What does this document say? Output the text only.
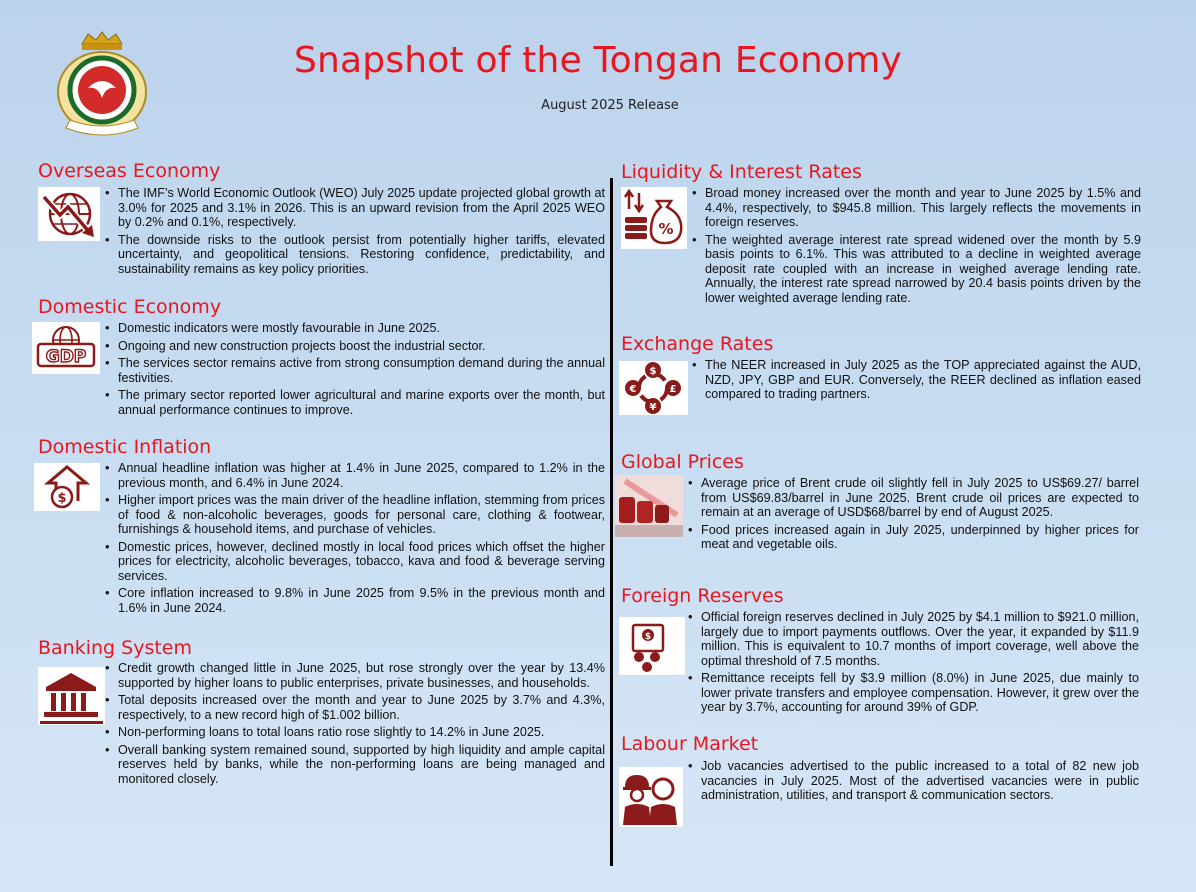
Snapshot of the Tongan Economy
August 2025 Release
Overseas Economy
• The IMF’s World Economic Outlook (WEO) July 2025 update projected global growth at 3.0% for 2025 and 3.1% in 2026. This is an upward revision from the April 2025 WEO by 0.2% and 0.1%, respectively.
• The downside risks to the outlook persist from potentially higher tariffs, elevated uncertainty, and geopolitical tensions. Restoring confidence, predictability, and sustainability remains as key policy priorities.
Domestic Economy
GDP
• Domestic indicators were mostly favourable in June 2025.
• Ongoing and new construction projects boost the industrial sector.
• The services sector remains active from strong consumption demand during the annual festivities.
• The primary sector reported lower agricultural and marine exports over the month, but annual performance continues to improve.
Domestic Inflation
$
• Annual headline inflation was higher at 1.4% in June 2025, compared to 1.2% in the previous month, and 6.4% in June 2024.
• Higher import prices was the main driver of the headline inflation, stemming from prices of food & non-alcoholic beverages, goods for personal care, clothing & footwear, furnishings & household items, and purchase of vehicles.
• Domestic prices, however, declined mostly in local food prices which offset the higher prices for electricity, alcoholic beverages, tobacco, kava and food & beverage serving services.
• Core inflation increased to 9.8% in June 2025 from 9.5% in the previous month and 1.6% in June 2024.
Banking System
• Credit growth changed little in June 2025, but rose strongly over the year by 13.4% supported by higher loans to public enterprises, private businesses, and households.
• Total deposits increased over the month and year to June 2025 by 3.7% and 4.3%, respectively, to a new record high of $1.002 billion.
• Non-performing loans to total loans ratio rose slightly to 14.2% in June 2025.
• Overall banking system remained sound, supported by high liquidity and ample capital reserves held by banks, while the non-performing loans are being managed and monitored closely.
Liquidity & Interest Rates
%
• Broad money increased over the month and year to June 2025 by 1.5% and 4.4%, respectively, to $945.8 million. This largely reflects the movements in foreign reserves.
• The weighted average interest rate spread widened over the month by 5.9 basis points to 6.1%. This was attributed to a decline in weighted average deposit rate coupled with an increase in weighed average lending rate. Annually, the interest rate spread narrowed by 20.4 basis points driven by the lower weighted average lending rate.
Exchange Rates
$
€	£
¥
• The NEER increased in July 2025 as the TOP appreciated against the AUD, NZD, JPY, GBP and EUR. Conversely, the REER declined as inflation eased compared to trading partners.
Global Prices
• Average price of Brent crude oil slightly fell in July 2025 to US$69.27/ barrel from US$69.83/barrel in June 2025. Brent crude oil prices are expected to remain at an average of USD$68/barrel by end of August 2025.
• Food prices increased again in July 2025, underpinned by higher prices for meat and vegetable oils.
Foreign Reserves
$
• Official foreign reserves declined in July 2025 by $4.1 million to $921.0 million, largely due to import payments outflows. Over the year, it expanded by $11.9 million. This is equivalent to 10.7 months of import coverage, well above the optimal threshold of 7.5 months.
• Remittance receipts fell by $3.9 million (8.0%) in June 2025, due mainly to lower private transfers and employee compensation. However, it grew over the year by 3.7%, accounting for around 39% of GDP.
Labour Market
• Job vacancies advertised to the public increased to a total of 82 new job vacancies in July 2025. Most of the advertised vacancies were in public administration, utilities, and transport & communication sectors.
